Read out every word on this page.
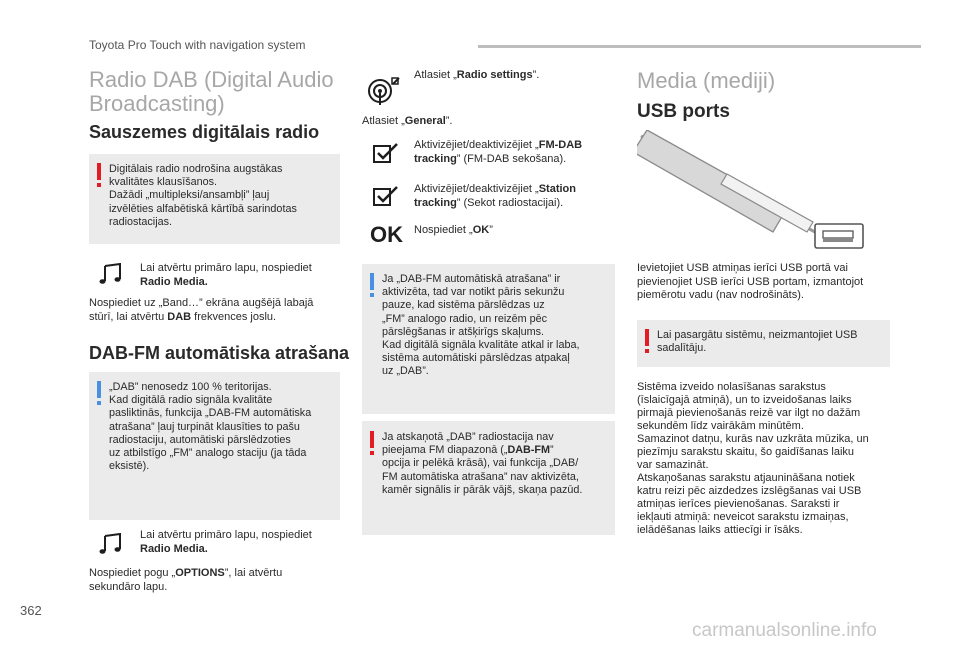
Toyota Pro Touch with navigation system
Radio DAB (Digital Audio
Broadcasting)
Sauszemes digitālais radio
Digitālais radio nodrošina augstākas
kvalitātes klausīšanos.
Dažādi „multipleksi/ansambļi” ļauj
izvēlēties alfabētiskā kārtībā sarindotas
radiostacijas.
Lai atvērtu primāro lapu, nospiediet
Radio Media.
Nospiediet uz „Band…” ekrāna augšējā labajā
stūrī, lai atvērtu DAB frekvences joslu.
DAB-FM automātiska atrašana
„DAB” nenosedz 100 % teritorijas.
Kad digitālā radio signāla kvalitāte
pasliktinās, funkcija „DAB-FM automātiska
atrašana” ļauj turpināt klausīties to pašu
radiostaciju, automātiski pārslēdzoties
uz atbilstīgo „FM” analogo staciju (ja tāda
eksistē).
Lai atvērtu primāro lapu, nospiediet
Radio Media.
Nospiediet pogu „OPTIONS”, lai atvērtu
sekundāro lapu.
Atlasiet „Radio settings”.
Atlasiet „General”.
Aktivizējiet/deaktivizējiet „FM-DAB
tracking” (FM-DAB sekošana).
Aktivizējiet/deaktivizējiet „Station
tracking” (Sekot radiostacijai).
OK Nospiediet „OK”
Ja „DAB-FM automātiskā atrašana” ir
aktivizēta, tad var notikt pāris sekunžu
pauze, kad sistēma pārslēdzas uz
„FM” analogo radio, un reizēm pēc
pārslēgšanas ir atšķirīgs skaļums.
Kad digitālā signāla kvalitāte atkal ir laba,
sistēma automātiski pārslēdzas atpakaļ
uz „DAB”.
Ja atskaņotā „DAB” radiostacija nav
pieejama FM diapazonā („DAB-FM”
opcija ir pelēkā krāsā), vai funkcija „DAB/
FM automātiska atrašana” nav aktivizēta,
kamēr signālis ir pārāk vājš, skaņa pazūd.
Media (mediji)
USB ports
Ievietojiet USB atmiņas ierīci USB portā vai
pievienojiet USB ierīci USB portam, izmantojot
piemērotu vadu (nav nodrošināts).
Lai pasargātu sistēmu, neizmantojiet USB
sadalītāju.
Sistēma izveido nolasīšanas sarakstus
(īslaicīgajā atmiņā), un to izveidošanas laiks
pirmajā pievienošanās reizē var ilgt no dažām
sekundēm līdz vairākām minūtēm.
Samazinot datņu, kurās nav uzkrāta mūzika, un
piezīmju sarakstu skaitu, šo gaidīšanas laiku
var samazināt.
Atskaņošanas sarakstu atjaunināšana notiek
katru reizi pēc aizdedzes izslēgšanas vai USB
atmiņas ierīces pievienošanas. Saraksti ir
iekļauti atmiņā: neveicot sarakstu izmaiņas,
ielādēšanas laiks attiecīgi ir īsāks.
362
carmanualsonline.info
